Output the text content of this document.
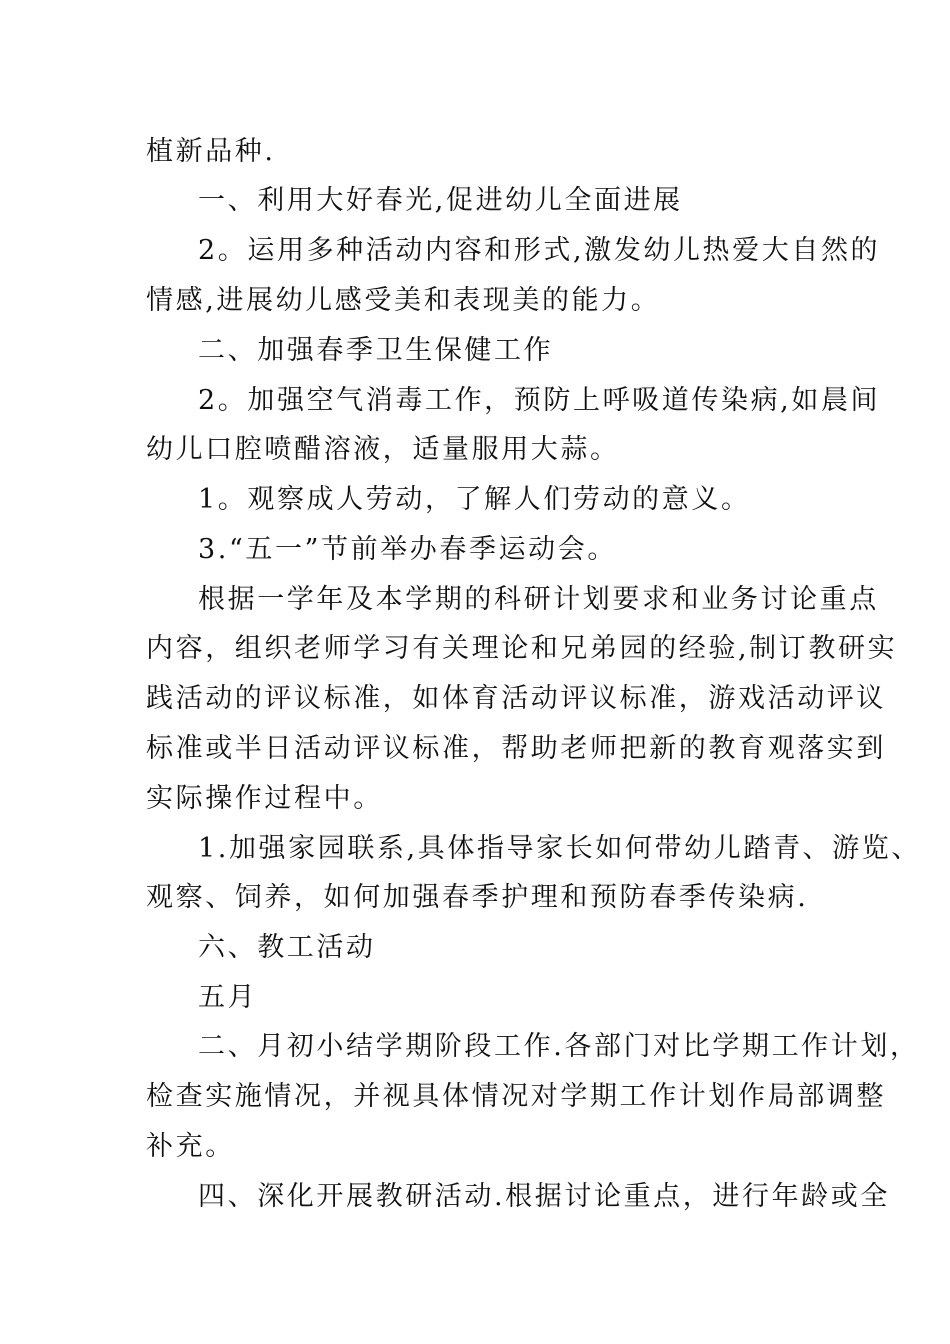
植新品种.
一、利用大好春光,促进幼儿全面进展
2。运用多种活动内容和形式,激发幼儿热爱大自然的
情感,进展幼儿感受美和表现美的能力。
二、加强春季卫生保健工作
2。加强空气消毒工作，预防上呼吸道传染病,如晨间
幼儿口腔喷醋溶液，适量服用大蒜。
1。观察成人劳动，了解人们劳动的意义。
3.“五一”节前举办春季运动会。
根据一学年及本学期的科研计划要求和业务讨论重点
内容，组织老师学习有关理论和兄弟园的经验,制订教研实
践活动的评议标准，如体育活动评议标准，游戏活动评议
标准或半日活动评议标准，帮助老师把新的教育观落实到
实际操作过程中。
1.加强家园联系,具体指导家长如何带幼儿踏青、游览、
观察、饲养，如何加强春季护理和预防春季传染病.
六、教工活动
五月
二、月初小结学期阶段工作.各部门对比学期工作计划，
检查实施情况，并视具体情况对学期工作计划作局部调整
补充。
四、深化开展教研活动.根据讨论重点，进行年龄或全
